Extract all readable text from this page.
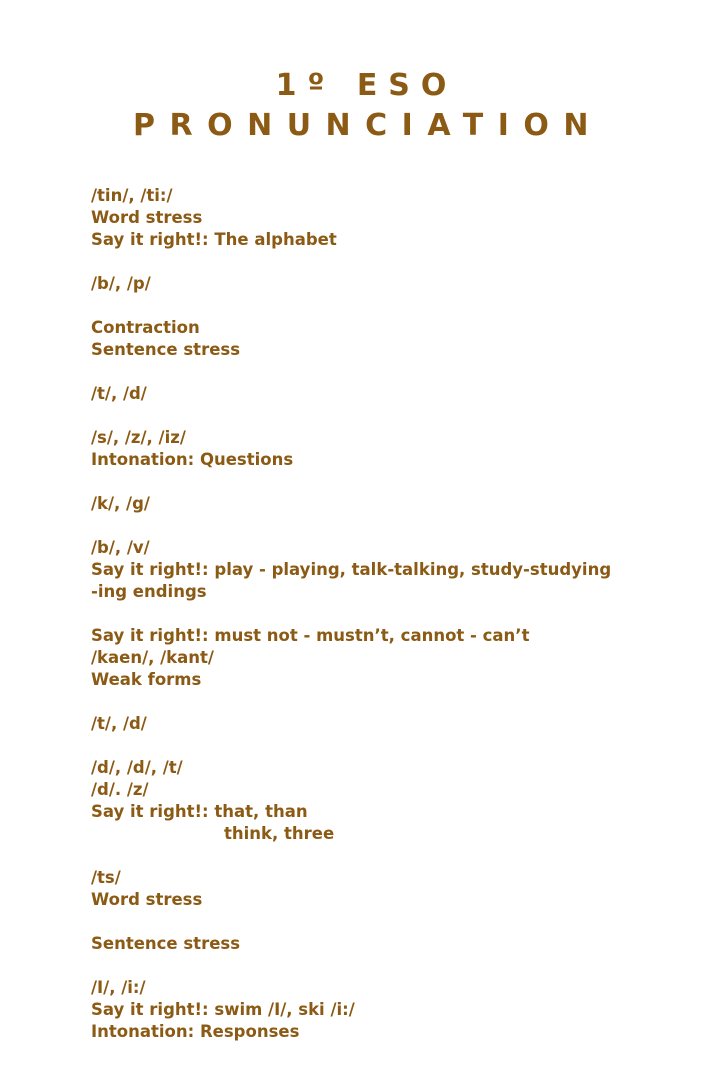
1º ESO
PRONUNCIATION
/tin/, /ti:/
Word stress
Say it right!: The alphabet
/b/, /p/
Contraction
Sentence stress
/t/, /d/
/s/, /z/, /iz/
Intonation: Questions
/k/, /g/
/b/, /v/
Say it right!: play - playing, talk-talking, study-studying
-ing endings
Say it right!: must not - mustn’t, cannot - can’t
/kaen/, /kant/
Weak forms
/t/, /d/
/d/, /d/, /t/
/d/. /z/
Say it right!: that, than
think, three
/ts/
Word stress
Sentence stress
/I/, /i:/
Say it right!: swim /I/, ski /i:/
Intonation: Responses
